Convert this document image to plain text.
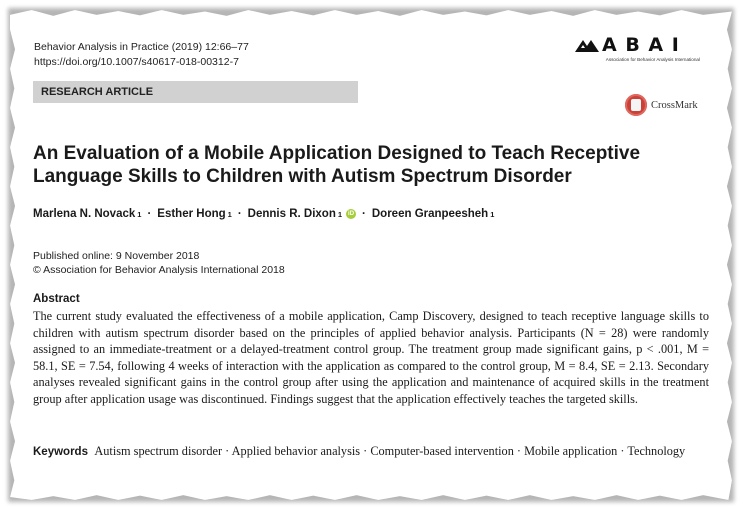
Behavior Analysis in Practice (2019) 12:66–77
https://doi.org/10.1007/s40617-018-00312-7
A B A I
Association for Behavior Analysis International
RESEARCH ARTICLE
CrossMark
An Evaluation of a Mobile Application Designed to Teach Receptive
Language Skills to Children with Autism Spectrum Disorder
Marlena N. Novack 1 · Esther Hong 1 · Dennis R. Dixon 1	iD · Doreen Granpeesheh 1
Published online: 9 November 2018
© Association for Behavior Analysis International 2018
Abstract
The current study evaluated the effectiveness of a mobile application, Camp Discovery, designed to teach receptive language skills to children with autism spectrum disorder based on the principles of applied behavior analysis. Participants (N = 28) were randomly assigned to an immediate-treatment or a delayed-treatment control group. The treatment group made significant gains, p < .001, M = 58.1, SE = 7.54, following 4 weeks of interaction with the application as compared to the control group, M = 8.4, SE = 2.13. Secondary analyses revealed significant gains in the control group after using the application and maintenance of acquired skills in the treatment group after application usage was discontinued. Findings suggest that the application effectively teaches the targeted skills.
Keywords Autism spectrum disorder · Applied behavior analysis · Computer-based intervention · Mobile application · Technology
